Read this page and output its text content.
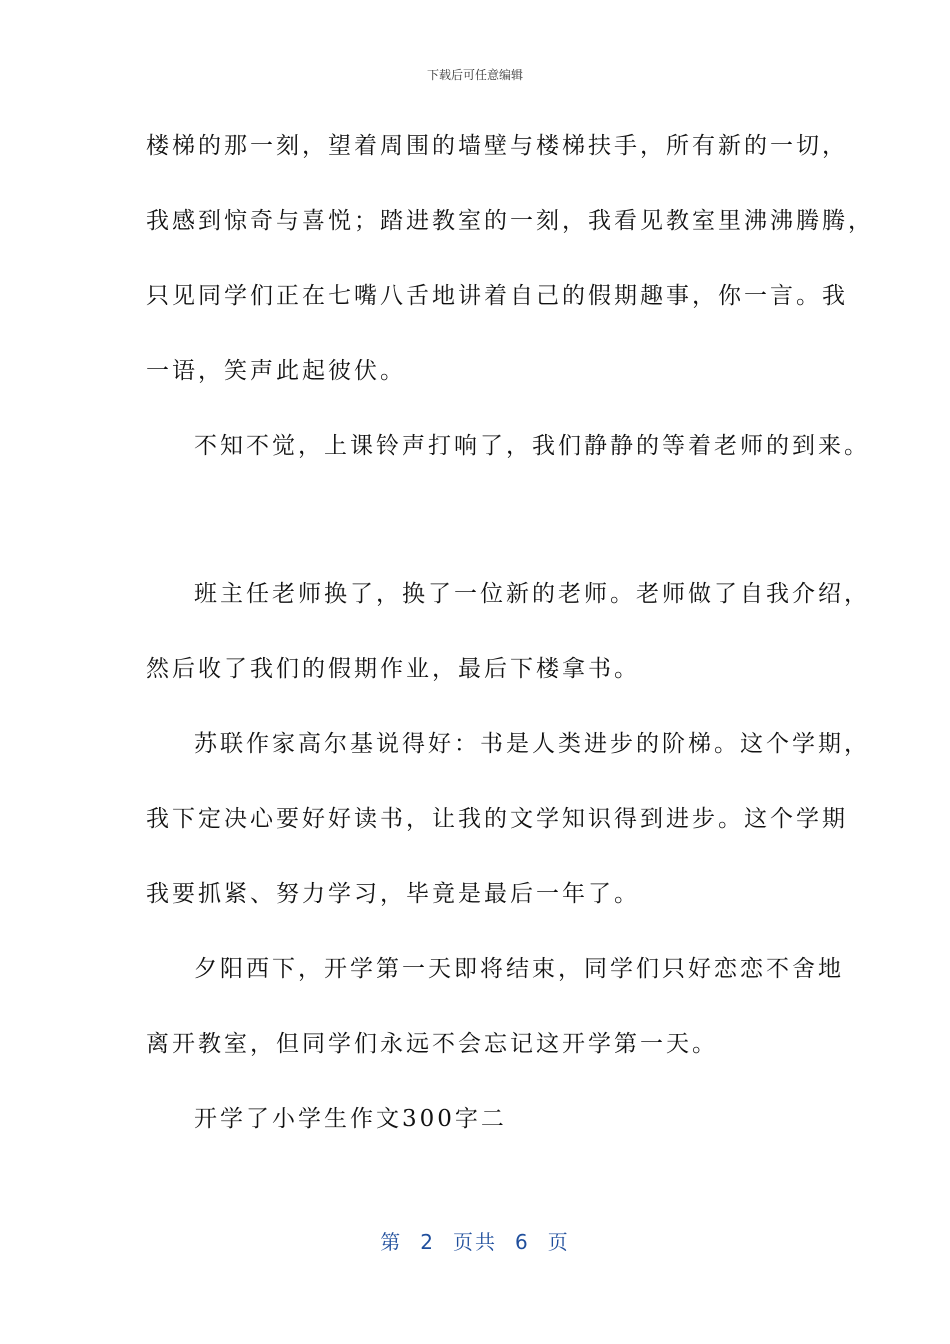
下载后可任意编辑
楼梯的那一刻，望着周围的墙壁与楼梯扶手，所有新的一切，
我感到惊奇与喜悦；踏进教室的一刻，我看见教室里沸沸腾腾，
只见同学们正在七嘴八舌地讲着自己的假期趣事，你一言。我
一语，笑声此起彼伏。
不知不觉，上课铃声打响了，我们静静的等着老师的到来。
班主任老师换了，换了一位新的老师。老师做了自我介绍，
然后收了我们的假期作业，最后下楼拿书。
苏联作家高尔基说得好：书是人类进步的阶梯。这个学期，
我下定决心要好好读书，让我的文学知识得到进步。这个学期
我要抓紧、努力学习，毕竟是最后一年了。
夕阳西下，开学第一天即将结束，同学们只好恋恋不舍地
离开教室，但同学们永远不会忘记这开学第一天。
开学了小学生作文300字二
第 2 页共 6 页
